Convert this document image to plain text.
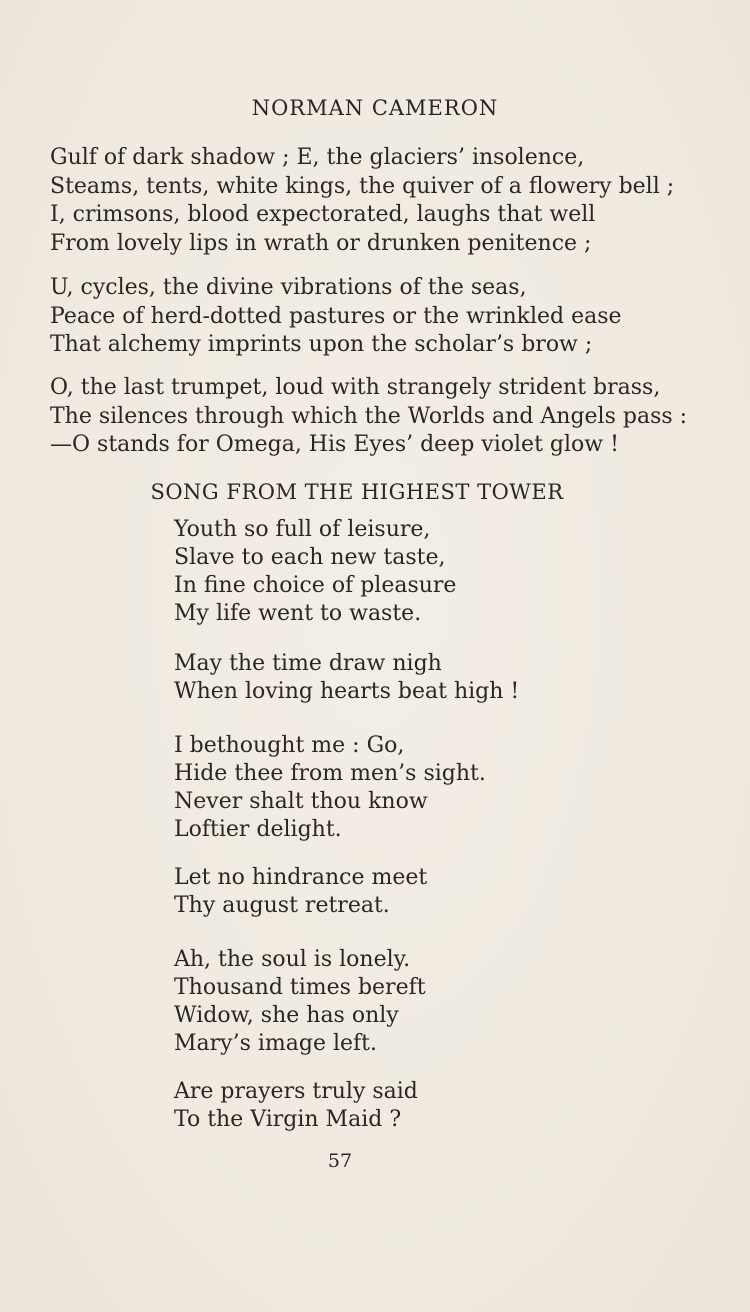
NORMAN CAMERON
Gulf of dark shadow ; E, the glaciers’ insolence,
Steams, tents, white kings, the quiver of a flowery bell ;
I, crimsons, blood expectorated, laughs that well
From lovely lips in wrath or drunken penitence ;
U, cycles, the divine vibrations of the seas,
Peace of herd-dotted pastures or the wrinkled ease
That alchemy imprints upon the scholar’s brow ;
O, the last trumpet, loud with strangely strident brass,
The silences through which the Worlds and Angels pass :
—O stands for Omega, His Eyes’ deep violet glow !
SONG FROM THE HIGHEST TOWER
Youth so full of leisure,
Slave to each new taste,
In fine choice of pleasure
My life went to waste.
May the time draw nigh
When loving hearts beat high !
I bethought me : Go,
Hide thee from men’s sight.
Never shalt thou know
Loftier delight.
Let no hindrance meet
Thy august retreat.
Ah, the soul is lonely.
Thousand times bereft
Widow, she has only
Mary’s image left.
Are prayers truly said
To the Virgin Maid ?
57
